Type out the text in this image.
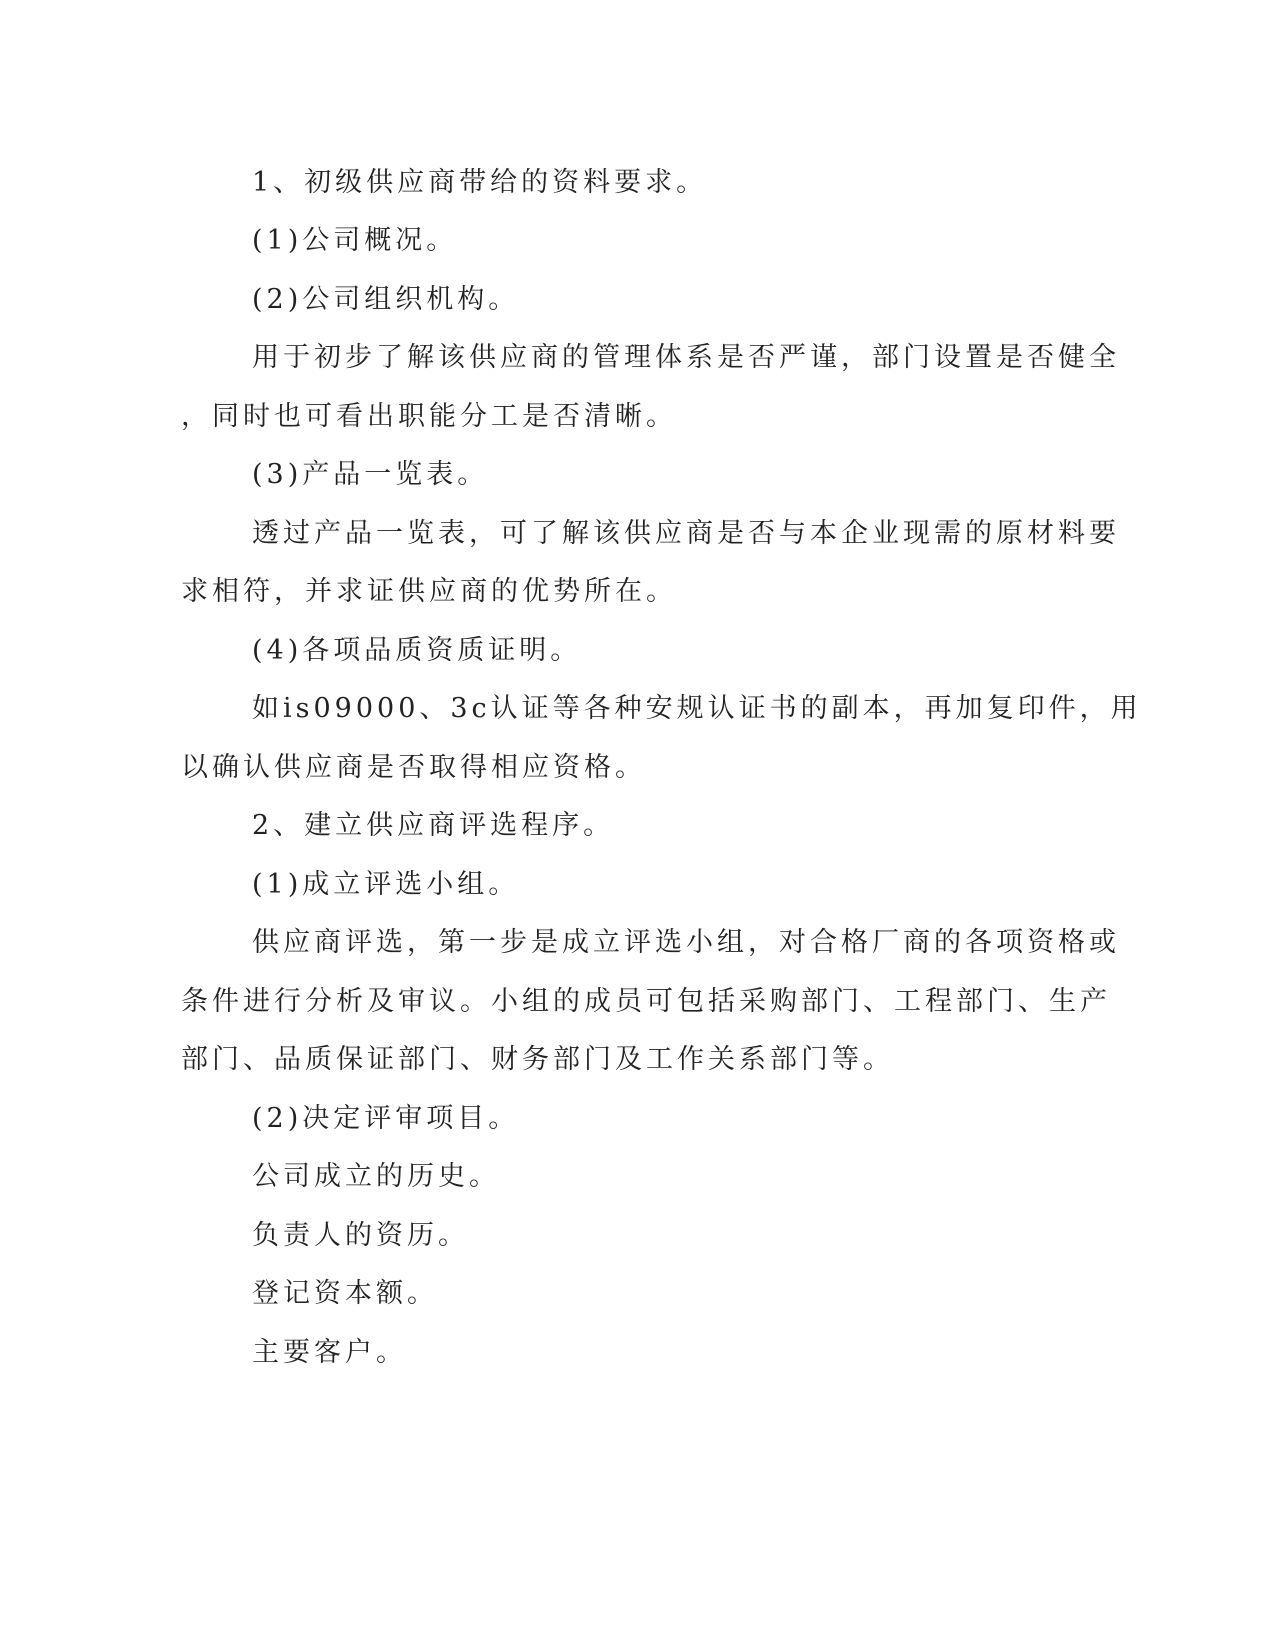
1、初级供应商带给的资料要求。

(1)公司概况。

(2)公司组织机构。

用于初步了解该供应商的管理体系是否严谨，部门设置是否健全

，同时也可看出职能分工是否清晰。

(3)产品一览表。

透过产品一览表，可了解该供应商是否与本企业现需的原材料要

求相符，并求证供应商的优势所在。

(4)各项品质资质证明。

如is09000、3c认证等各种安规认证书的副本，再加复印件，用

以确认供应商是否取得相应资格。

2、建立供应商评选程序。

(1)成立评选小组。

供应商评选，第一步是成立评选小组，对合格厂商的各项资格或

条件进行分析及审议。小组的成员可包括采购部门、工程部门、生产

部门、品质保证部门、财务部门及工作关系部门等。

(2)决定评审项目。

公司成立的历史。

负责人的资历。

登记资本额。

主要客户。
